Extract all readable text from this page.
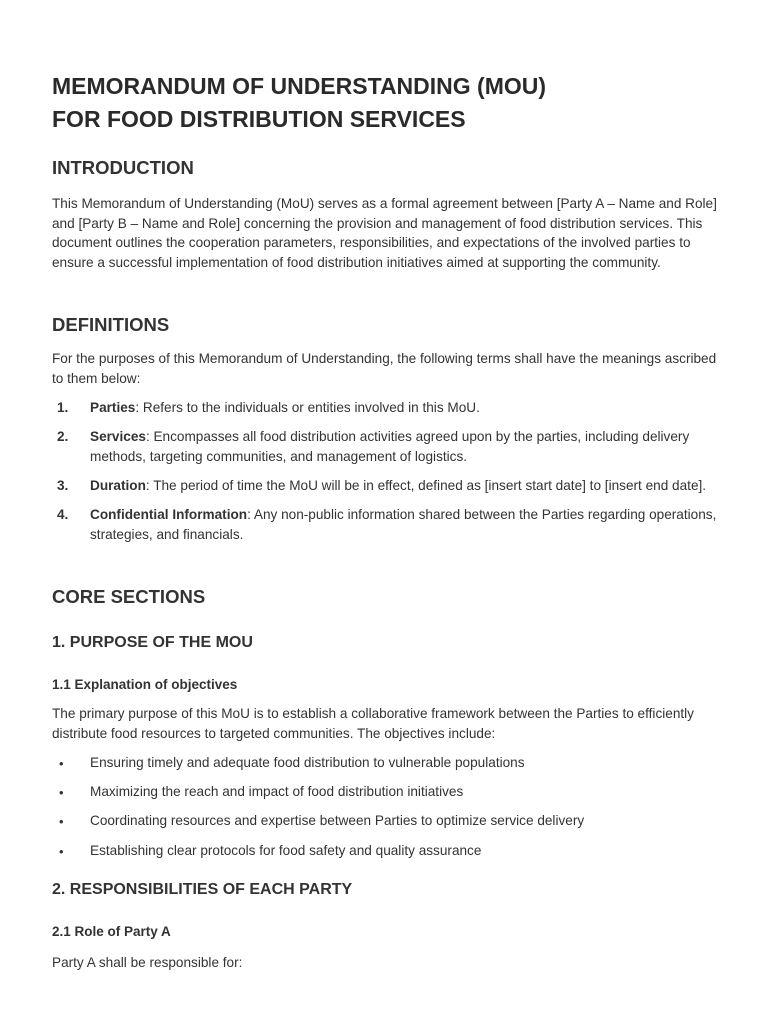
MEMORANDUM OF UNDERSTANDING (MOU)
FOR FOOD DISTRIBUTION SERVICES
INTRODUCTION

This Memorandum of Understanding (MoU) serves as a formal agreement between [Party A – Name and Role] and [Party B – Name and Role] concerning the provision and management of food distribution services. This document outlines the cooperation parameters, responsibilities, and expectations of the involved parties to ensure a successful implementation of food distribution initiatives aimed at supporting the community.

DEFINITIONS

For the purposes of this Memorandum of Understanding, the following terms shall have the meanings ascribed to them below:

1. Parties: Refers to the individuals or entities involved in this MoU.
2. Services: Encompasses all food distribution activities agreed upon by the parties, including delivery methods, targeting communities, and management of logistics.
3. Duration: The period of time the MoU will be in effect, defined as [insert start date] to [insert end date].
4. Confidential Information: Any non-public information shared between the Parties regarding operations, strategies, and financials.
CORE SECTIONS
1. PURPOSE OF THE MOU
1.1 Explanation of objectives

The primary purpose of this MoU is to establish a collaborative framework between the Parties to efficiently distribute food resources to targeted communities. The objectives include:

• Ensuring timely and adequate food distribution to vulnerable populations
• Maximizing the reach and impact of food distribution initiatives
• Coordinating resources and expertise between Parties to optimize service delivery
• Establishing clear protocols for food safety and quality assurance
2. RESPONSIBILITIES OF EACH PARTY
2.1 Role of Party A

Party A shall be responsible for:
